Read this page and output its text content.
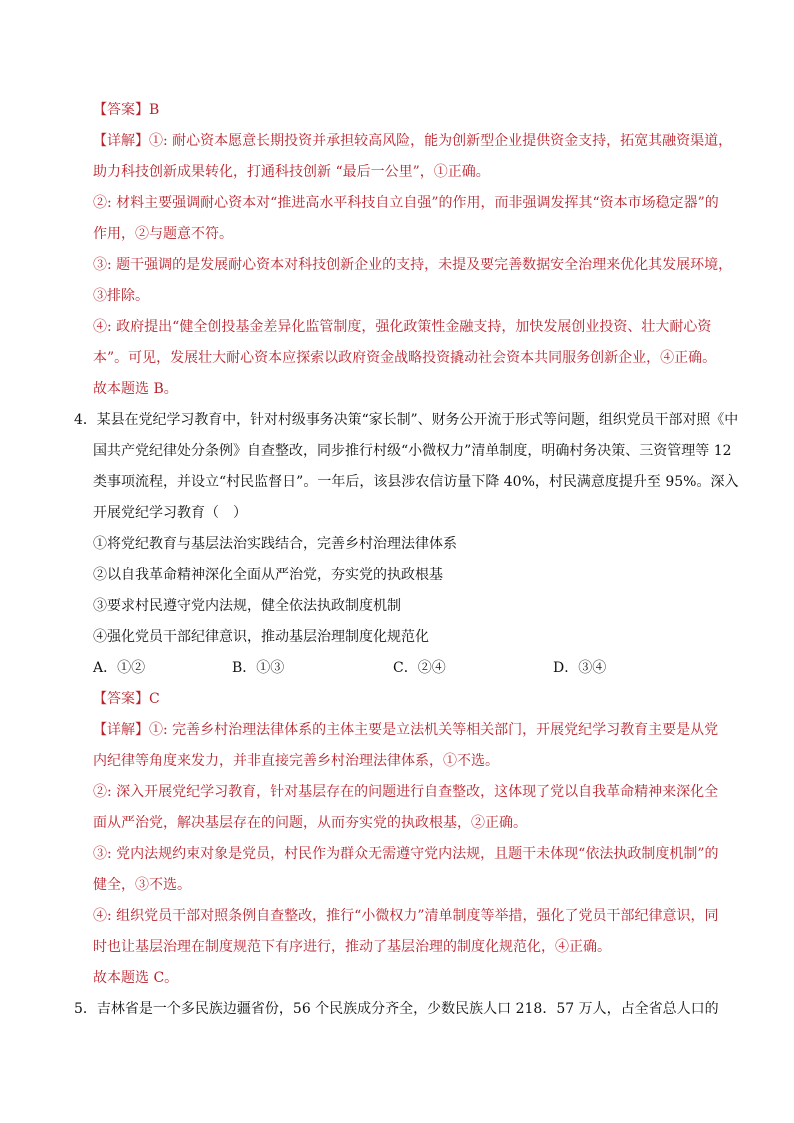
【答案】B
【详解】①: 耐心资本愿意长期投资并承担较高风险，能为创新型企业提供资金支持，拓宽其融资渠道，
助力科技创新成果转化，打通科技创新 “最后一公里”，①正确。
②: 材料主要强调耐心资本对“推进高水平科技自立自强”的作用，而非强调发挥其“资本市场稳定器”的
作用，②与题意不符。
③: 题干强调的是发展耐心资本对科技创新企业的支持，未提及要完善数据安全治理来优化其发展环境，
③排除。
④: 政府提出“健全创投基金差异化监管制度，强化政策性金融支持，加快发展创业投资、壮大耐心资
本”。可见，发展壮大耐心资本应探索以政府资金战略投资撬动社会资本共同服务创新企业，④正确。
故本题选 B。
4．某县在党纪学习教育中，针对村级事务决策“家长制”、财务公开流于形式等问题，组织党员干部对照《中
国共产党纪律处分条例》自查整改，同步推行村级“小微权力”清单制度，明确村务决策、三资管理等 12
类事项流程，并设立“村民监督日”。一年后，该县涉农信访量下降 40%，村民满意度提升至 95%。深入
开展党纪学习教育（　）
①将党纪教育与基层法治实践结合，完善乡村治理法律体系
②以自我革命精神深化全面从严治党，夯实党的执政根基
③要求村民遵守党内法规，健全依法执政制度机制
④强化党员干部纪律意识，推动基层治理制度化规范化
A．①②	B．①③	C．②④	D．③④
【答案】C
【详解】①: 完善乡村治理法律体系的主体主要是立法机关等相关部门，开展党纪学习教育主要是从党
内纪律等角度来发力，并非直接完善乡村治理法律体系，①不选。
②: 深入开展党纪学习教育，针对基层存在的问题进行自查整改，这体现了党以自我革命精神来深化全
面从严治党，解决基层存在的问题，从而夯实党的执政根基，②正确。
③: 党内法规约束对象是党员，村民作为群众无需遵守党内法规，且题干未体现“依法执政制度机制”的
健全，③不选。
④: 组织党员干部对照条例自查整改，推行“小微权力”清单制度等举措，强化了党员干部纪律意识，同
时也让基层治理在制度规范下有序进行，推动了基层治理的制度化规范化，④正确。
故本题选 C。
5．吉林省是一个多民族边疆省份，56 个民族成分齐全，少数民族人口 218．57 万人，占全省总人口的
